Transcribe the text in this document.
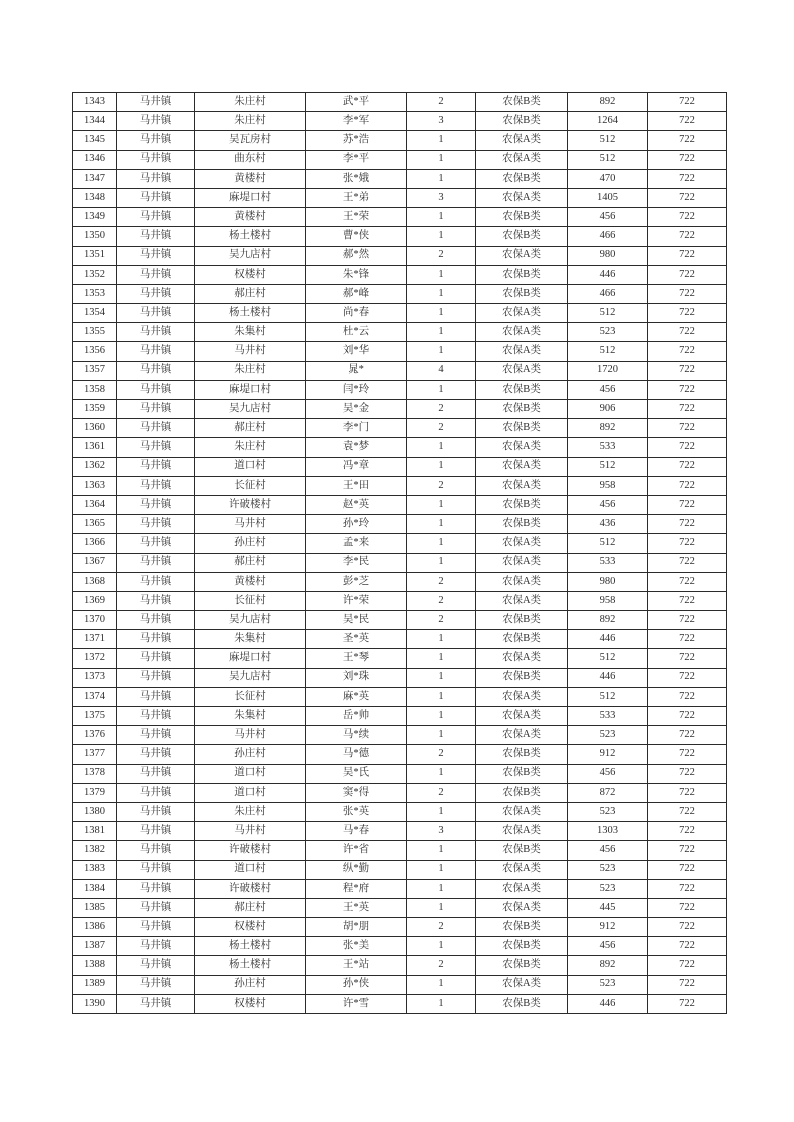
1343	马井镇	朱庄村	武*平	2	农保B类	892	722
1344	马井镇	朱庄村	李*军	3	农保B类	1264	722
1345	马井镇	吴瓦房村	苏*浩	1	农保A类	512	722
1346	马井镇	曲东村	李*平	1	农保A类	512	722
1347	马井镇	黄楼村	张*娥	1	农保B类	470	722
1348	马井镇	麻堤口村	王*弟	3	农保A类	1405	722
1349	马井镇	黄楼村	王*荣	1	农保B类	456	722
1350	马井镇	杨土楼村	曹*侠	1	农保B类	466	722
1351	马井镇	吴九店村	郝*然	2	农保A类	980	722
1352	马井镇	权楼村	朱*锋	1	农保B类	446	722
1353	马井镇	郝庄村	郝*峰	1	农保B类	466	722
1354	马井镇	杨土楼村	尚*春	1	农保A类	512	722
1355	马井镇	朱集村	杜*云	1	农保A类	523	722
1356	马井镇	马井村	刘*华	1	农保A类	512	722
1357	马井镇	朱庄村	晁*	4	农保A类	1720	722
1358	马井镇	麻堤口村	闫*玲	1	农保B类	456	722
1359	马井镇	吴九店村	吴*金	2	农保B类	906	722
1360	马井镇	郝庄村	李*门	2	农保B类	892	722
1361	马井镇	朱庄村	袁*梦	1	农保A类	533	722
1362	马井镇	道口村	冯*章	1	农保A类	512	722
1363	马井镇	长征村	王*田	2	农保A类	958	722
1364	马井镇	许破楼村	赵*英	1	农保B类	456	722
1365	马井镇	马井村	孙*玲	1	农保B类	436	722
1366	马井镇	孙庄村	孟*来	1	农保A类	512	722
1367	马井镇	郝庄村	李*民	1	农保A类	533	722
1368	马井镇	黄楼村	彭*芝	2	农保A类	980	722
1369	马井镇	长征村	许*荣	2	农保A类	958	722
1370	马井镇	吴九店村	吴*民	2	农保B类	892	722
1371	马井镇	朱集村	圣*英	1	农保B类	446	722
1372	马井镇	麻堤口村	王*琴	1	农保A类	512	722
1373	马井镇	吴九店村	刘*珠	1	农保B类	446	722
1374	马井镇	长征村	麻*英	1	农保A类	512	722
1375	马井镇	朱集村	岳*帅	1	农保A类	533	722
1376	马井镇	马井村	马*续	1	农保A类	523	722
1377	马井镇	孙庄村	马*德	2	农保B类	912	722
1378	马井镇	道口村	吴*氏	1	农保B类	456	722
1379	马井镇	道口村	窦*得	2	农保B类	872	722
1380	马井镇	朱庄村	张*英	1	农保A类	523	722
1381	马井镇	马井村	马*春	3	农保A类	1303	722
1382	马井镇	许破楼村	许*省	1	农保B类	456	722
1383	马井镇	道口村	纵*勤	1	农保A类	523	722
1384	马井镇	许破楼村	程*府	1	农保A类	523	722
1385	马井镇	郝庄村	王*英	1	农保A类	445	722
1386	马井镇	权楼村	胡*朋	2	农保B类	912	722
1387	马井镇	杨土楼村	张*美	1	农保B类	456	722
1388	马井镇	杨土楼村	王*站	2	农保B类	892	722
1389	马井镇	孙庄村	孙*侠	1	农保A类	523	722
1390	马井镇	权楼村	许*雪	1	农保B类	446	722
